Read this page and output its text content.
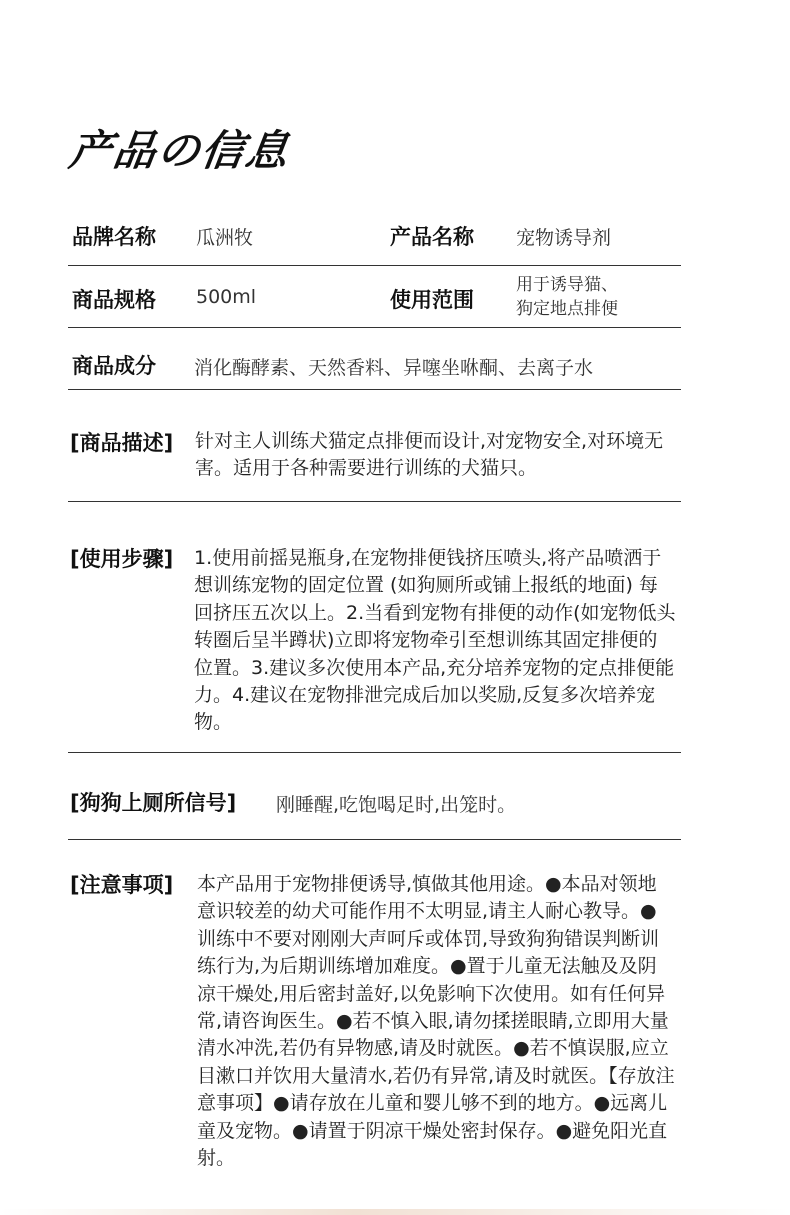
产品の信息
品牌名称 瓜洲牧	产品名称 宠物诱导剂
商品规格 500ml	使用范围
用于诱导猫、
狗定地点排便
商品成分 消化酶酵素、天然香料、异噻坐咻酮、去离子水
[商品描述] 针对主人训练犬猫定点排便而设计,对宠物安全,对环境无害。适用于各种需要进行训练的犬猫只。
[使用步骤] 1.使用前摇晃瓶身,在宠物排便钱挤压喷头,将产品喷洒于想训练宠物的固定位置 (如狗厕所或铺上报纸的地面) 每回挤压五次以上。2.当看到宠物有排便的动作(如宠物低头转圈后呈半蹲状)立即将宠物牵引至想训练其固定排便的位置。3.建议多次使用本产品,充分培养宠物的定点排便能力。4.建议在宠物排泄完成后加以奖励,反复多次培养宠物。
[狗狗上厕所信号] 刚睡醒,吃饱喝足时,出笼时。
[注意事项] 本产品用于宠物排便诱导,慎做其他用途。●本品对领地意识较差的幼犬可能作用不太明显,请主人耐心教导。●训练中不要对刚刚大声呵斥或体罚,导致狗狗错误判断训练行为,为后期训练增加难度。●置于儿童无法触及及阴凉干燥处,用后密封盖好,以免影响下次使用。如有任何异常,请咨询医生。●若不慎入眼,请勿揉搓眼睛,立即用大量清水冲洗,若仍有异物感,请及时就医。●若不慎误服,应立目漱口并饮用大量清水,若仍有异常,请及时就医。【存放注意事项】●请存放在儿童和婴儿够不到的地方。●远离儿童及宠物。●请置于阴凉干燥处密封保存。●避免阳光直射。
